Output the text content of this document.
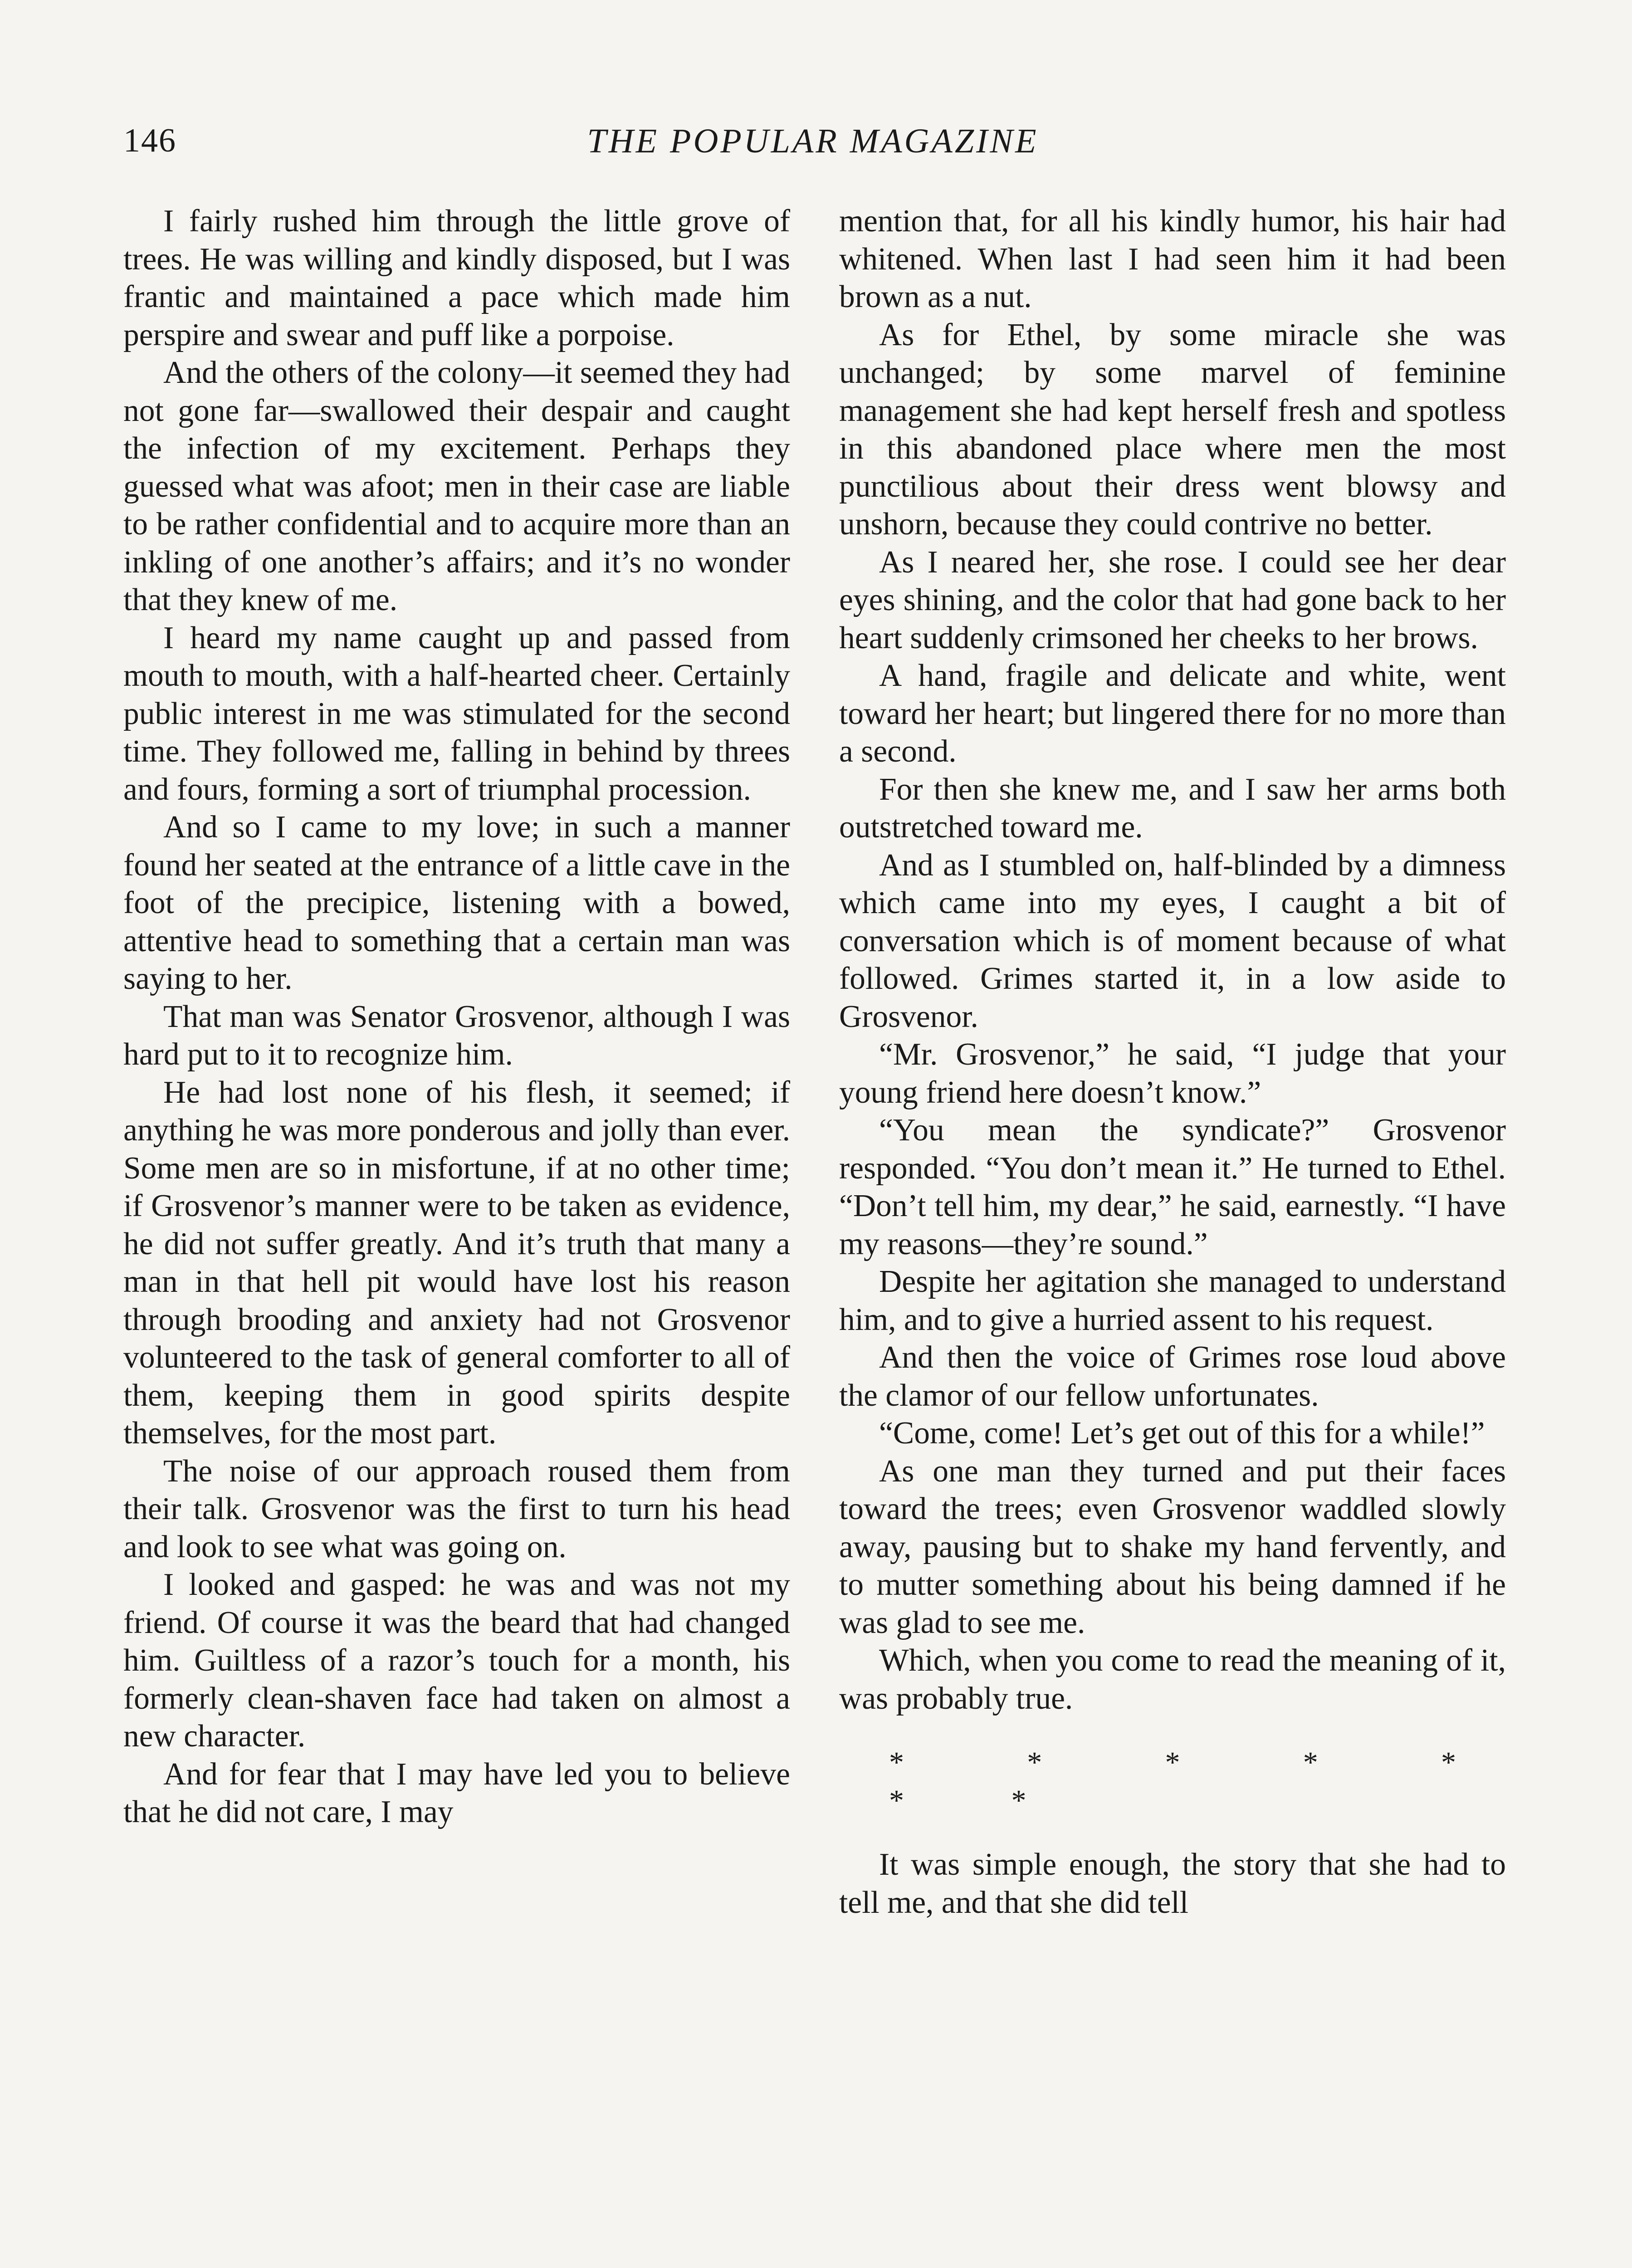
146	THE POPULAR MAGAZINE

I fairly rushed him through the little grove of trees. He was willing and kindly disposed, but I was frantic and maintained a pace which made him perspire and swear and puff like a porpoise.

And the others of the colony—it seemed they had not gone far—swallowed their despair and caught the infection of my excitement. Perhaps they guessed what was afoot; men in their case are liable to be rather confidential and to acquire more than an inkling of one another’s affairs; and it’s no wonder that they knew of me.

I heard my name caught up and passed from mouth to mouth, with a half-hearted cheer. Certainly public interest in me was stimulated for the second time. They followed me, falling in behind by threes and fours, forming a sort of triumphal procession.

And so I came to my love; in such a manner found her seated at the entrance of a little cave in the foot of the precipice, listening with a bowed, attentive head to something that a certain man was saying to her.

That man was Senator Grosvenor, although I was hard put to it to recognize him.

He had lost none of his flesh, it seemed; if anything he was more ponderous and jolly than ever. Some men are so in misfortune, if at no other time; if Grosvenor’s manner were to be taken as evidence, he did not suffer greatly. And it’s truth that many a man in that hell pit would have lost his reason through brooding and anxiety had not Grosvenor volunteered to the task of general comforter to all of them, keeping them in good spirits despite themselves, for the most part.

The noise of our approach roused them from their talk. Grosvenor was the first to turn his head and look to see what was going on.

I looked and gasped: he was and was not my friend. Of course it was the beard that had changed him. Guiltless of a razor’s touch for a month, his formerly clean-shaven face had taken on almost a new character.

And for fear that I may have led you to believe that he did not care, I may

mention that, for all his kindly humor, his hair had whitened. When last I had seen him it had been brown as a nut.

As for Ethel, by some miracle she was unchanged; by some marvel of feminine management she had kept herself fresh and spotless in this abandoned place where men the most punctilious about their dress went blowsy and unshorn, because they could contrive no better.

As I neared her, she rose. I could see her dear eyes shining, and the color that had gone back to her heart suddenly crimsoned her cheeks to her brows.

A hand, fragile and delicate and white, went toward her heart; but lingered there for no more than a second.

For then she knew me, and I saw her arms both outstretched toward me.

And as I stumbled on, half-blinded by a dimness which came into my eyes, I caught a bit of conversation which is of moment because of what followed. Grimes started it, in a low aside to Grosvenor.

“Mr. Grosvenor,” he said, “I judge that your young friend here doesn’t know.”

“You mean the syndicate?” Grosvenor responded. “You don’t mean it.” He turned to Ethel. “Don’t tell him, my dear,” he said, earnestly. “I have my reasons—they’re sound.”

Despite her agitation she managed to understand him, and to give a hurried assent to his request.

And then the voice of Grimes rose loud above the clamor of our fellow unfortunates.

“Come, come! Let’s get out of this for a while!”

As one man they turned and put their faces toward the trees; even Grosvenor waddled slowly away, pausing but to shake my hand fervently, and to mutter something about his being damned if he was glad to see me.

Which, when you come to read the meaning of it, was probably true.

* * * * * * *

It was simple enough, the story that she had to tell me, and that she did tell
